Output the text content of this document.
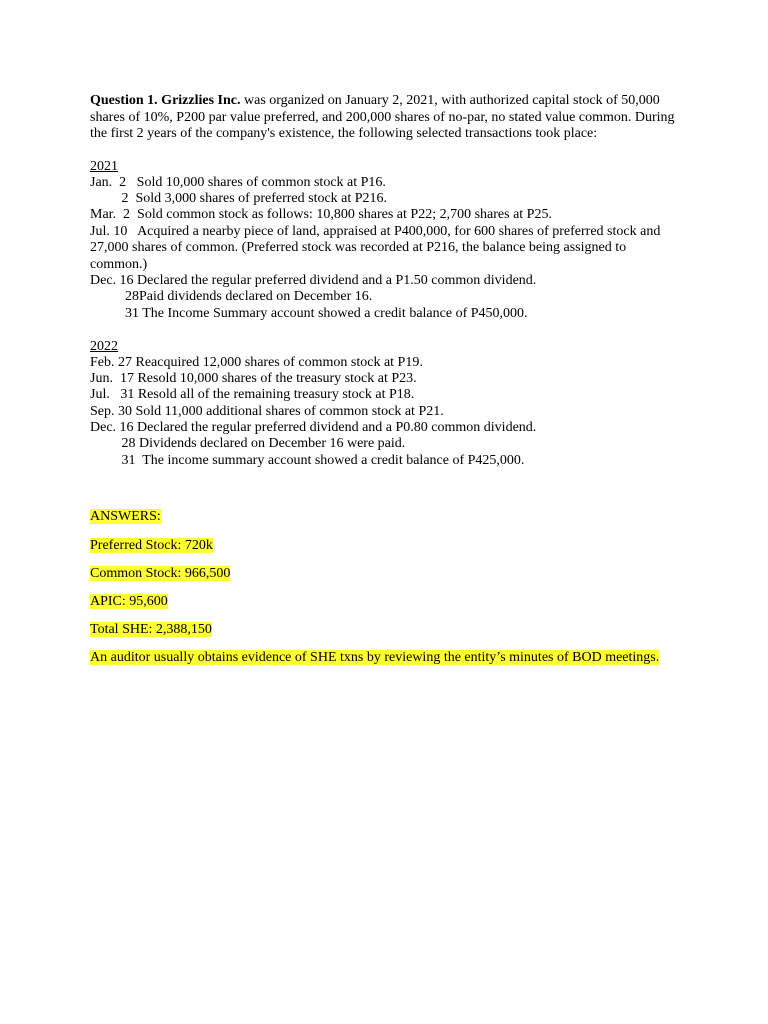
Question 1. Grizzlies Inc. was organized on January 2, 2021, with authorized capital stock of 50,000 shares of 10%, P200 par value preferred, and 200,000 shares of no-par, no stated value common. During the first 2 years of the company's existence, the following selected transactions took place:

2021

Jan.  2   Sold 10,000 shares of common stock at P16.

2  Sold 3,000 shares of preferred stock at P216.

Mar.  2  Sold common stock as follows: 10,800 shares at P22; 2,700 shares at P25.

Jul. 10   Acquired a nearby piece of land, appraised at P400,000, for 600 shares of preferred stock and

27,000 shares of common. (Preferred stock was recorded at P216, the balance being assigned to

common.)

Dec. 16 Declared the regular preferred dividend and a P1.50 common dividend.

28Paid dividends declared on December 16.

31 The Income Summary account showed a credit balance of P450,000.

2022

Feb. 27 Reacquired 12,000 shares of common stock at P19.

Jun.  17 Resold 10,000 shares of the treasury stock at P23.

Jul.   31 Resold all of the remaining treasury stock at P18.

Sep. 30 Sold 11,000 additional shares of common stock at P21.

Dec. 16 Declared the regular preferred dividend and a P0.80 common dividend.

28 Dividends declared on December 16 were paid.

31  The income summary account showed a credit balance of P425,000.

ANSWERS:

Preferred Stock: 720k

Common Stock: 966,500

APIC: 95,600

Total SHE: 2,388,150

An auditor usually obtains evidence of SHE txns by reviewing the entity’s minutes of BOD meetings.
